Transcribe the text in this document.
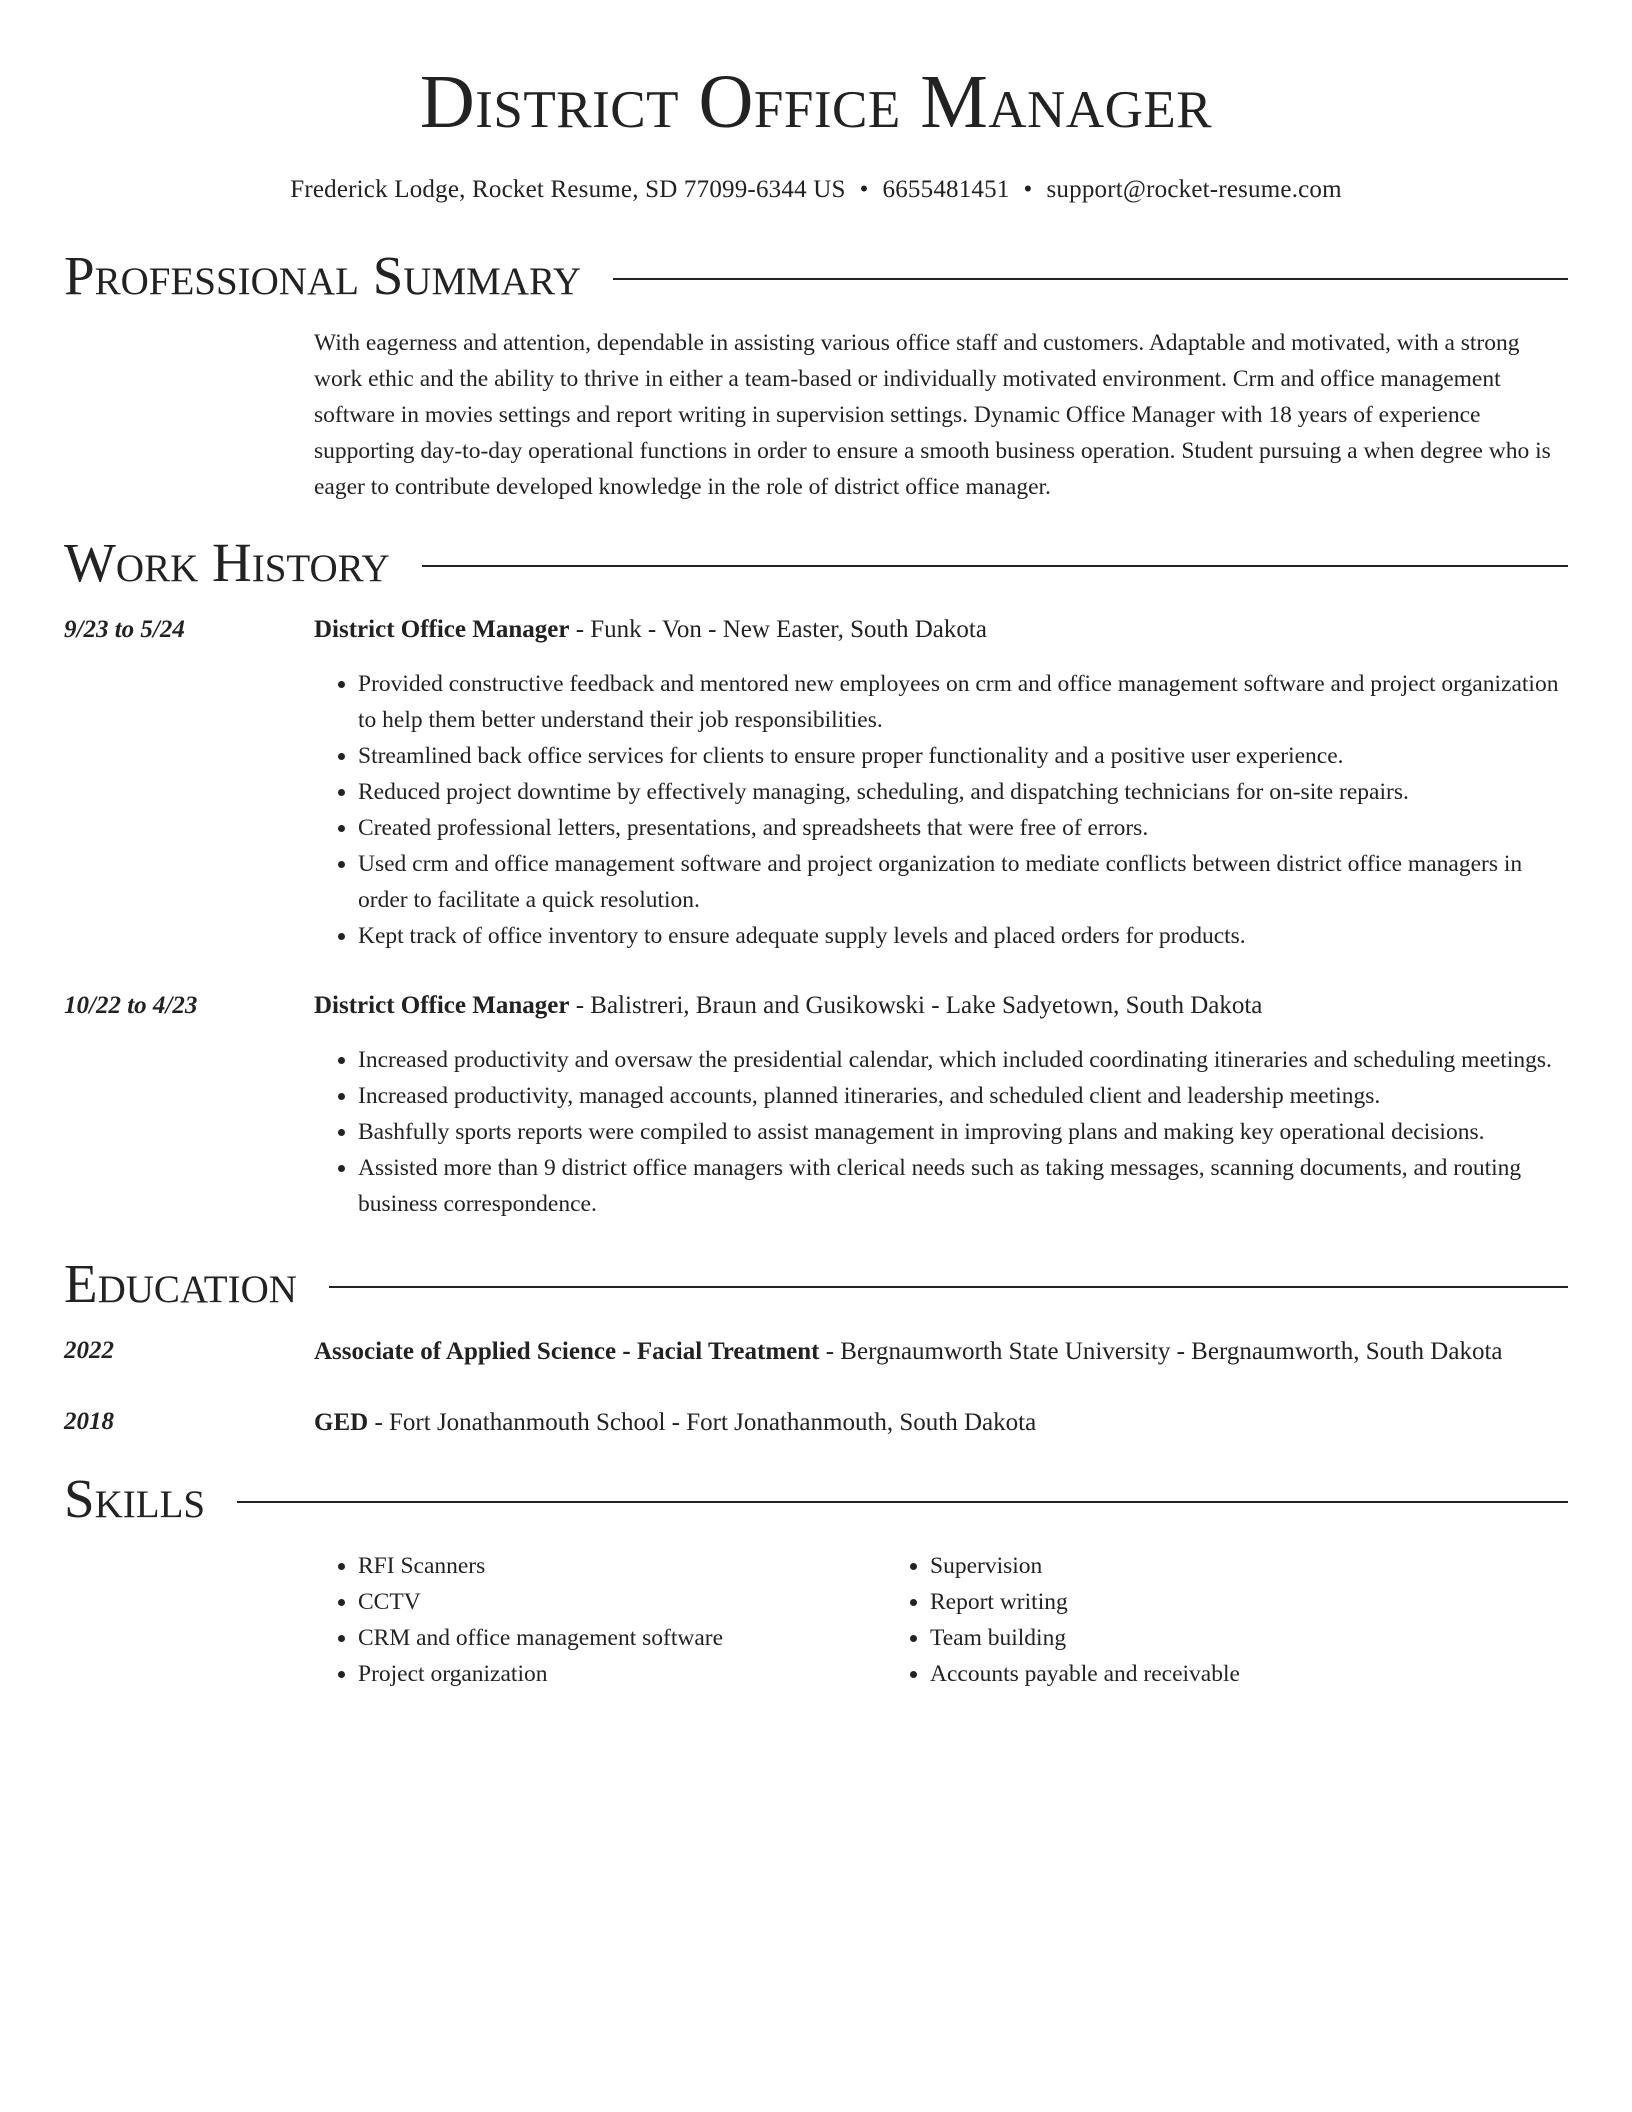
District Office Manager
Frederick Lodge, Rocket Resume, SD 77099-6344 US • 6655481451 • support@rocket-resume.com
Professional Summary
With eagerness and attention, dependable in assisting various office staff and customers. Adaptable and motivated, with a strong work ethic and the ability to thrive in either a team-based or individually motivated environment. Crm and office management software in movies settings and report writing in supervision settings. Dynamic Office Manager with 18 years of experience supporting day-to-day operational functions in order to ensure a smooth business operation. Student pursuing a when degree who is eager to contribute developed knowledge in the role of district office manager.
Work History
9/23 to 5/24	District Office Manager - Funk - Von - New Easter, South Dakota
• Provided constructive feedback and mentored new employees on crm and office management software and project organization to help them better understand their job responsibilities.
• Streamlined back office services for clients to ensure proper functionality and a positive user experience.
• Reduced project downtime by effectively managing, scheduling, and dispatching technicians for on-site repairs.
• Created professional letters, presentations, and spreadsheets that were free of errors.
• Used crm and office management software and project organization to mediate conflicts between district office managers in order to facilitate a quick resolution.
• Kept track of office inventory to ensure adequate supply levels and placed orders for products.
10/22 to 4/23	District Office Manager - Balistreri, Braun and Gusikowski - Lake Sadyetown, South Dakota
• Increased productivity and oversaw the presidential calendar, which included coordinating itineraries and scheduling meetings.
• Increased productivity, managed accounts, planned itineraries, and scheduled client and leadership meetings.
• Bashfully sports reports were compiled to assist management in improving plans and making key operational decisions.
• Assisted more than 9 district office managers with clerical needs such as taking messages, scanning documents, and routing business correspondence.
Education
2022	Associate of Applied Science - Facial Treatment - Bergnaumworth State University - Bergnaumworth, South Dakota
2018	GED - Fort Jonathanmouth School - Fort Jonathanmouth, South Dakota
Skills
• RFI Scanners
• CCTV
• CRM and office management software
• Project organization
• Supervision
• Report writing
• Team building
• Accounts payable and receivable
